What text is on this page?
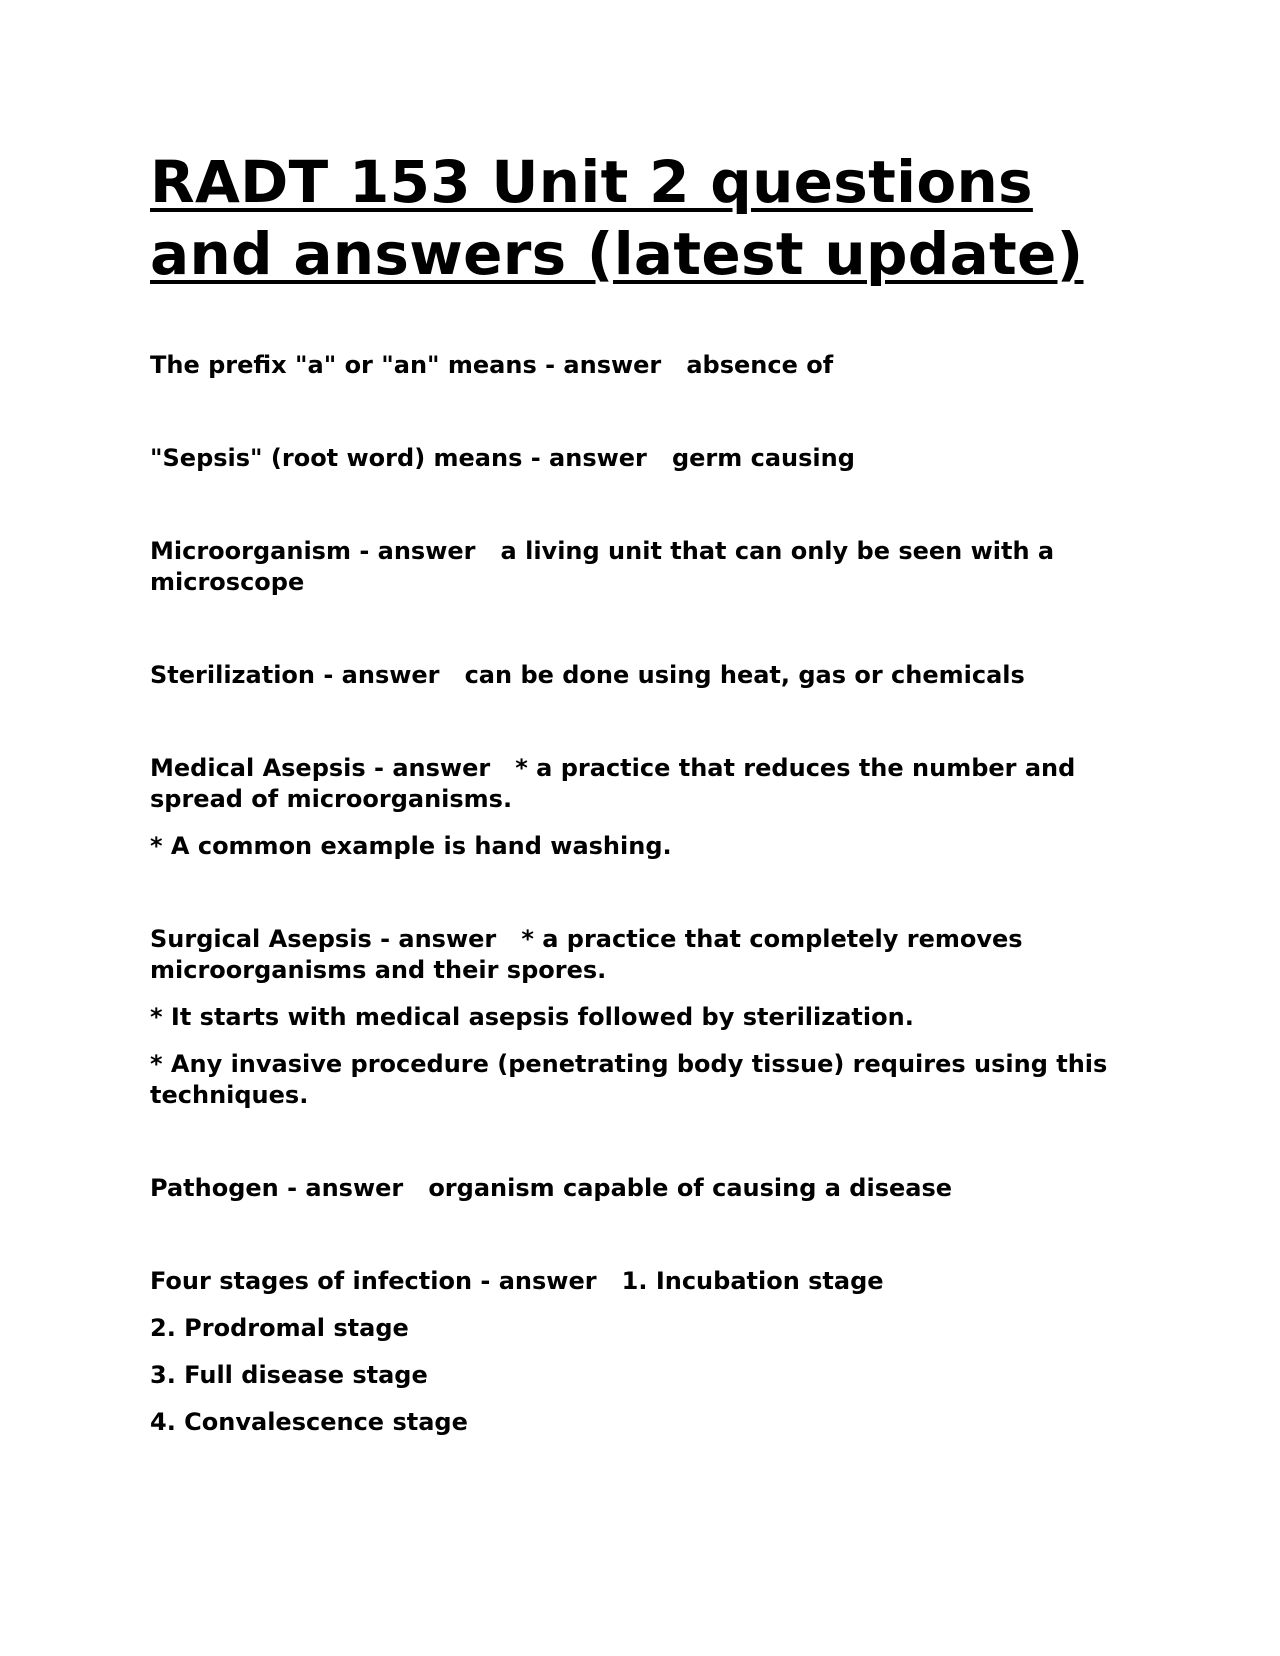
RADT 153 Unit 2 questions and answers (latest update)

The prefix "a" or "an" means - answer   absence of

"Sepsis" (root word) means - answer   germ causing

Microorganism - answer   a living unit that can only be seen with a microscope

Sterilization - answer   can be done using heat, gas or chemicals

Medical Asepsis - answer   * a practice that reduces the number and spread of microorganisms.

* A common example is hand washing.

Surgical Asepsis - answer   * a practice that completely removes microorganisms and their spores.

* It starts with medical asepsis followed by sterilization.

* Any invasive procedure (penetrating body tissue) requires using this techniques.

Pathogen - answer   organism capable of causing a disease

Four stages of infection - answer   1. Incubation stage

2. Prodromal stage

3. Full disease stage

4. Convalescence stage
